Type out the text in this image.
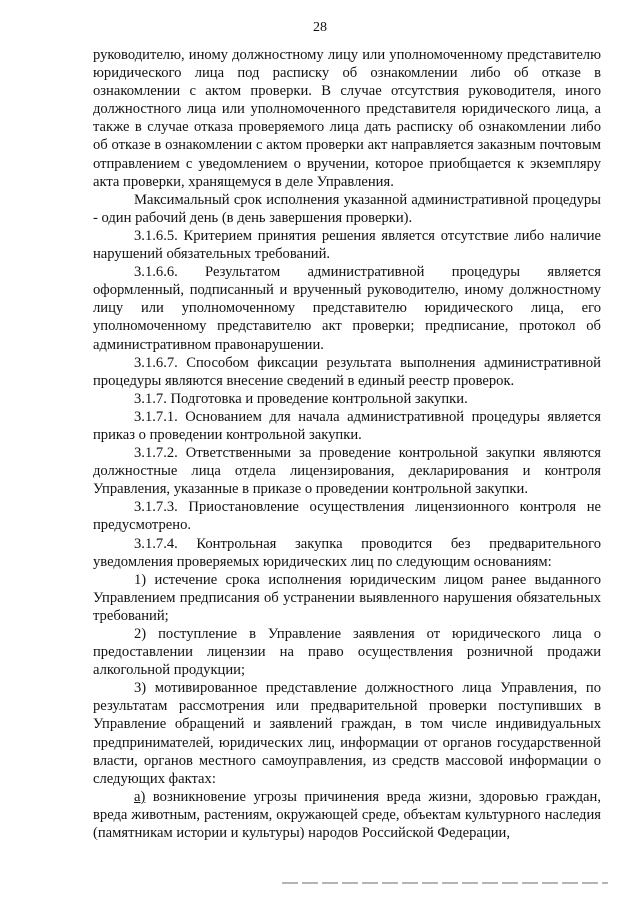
28

руководителю, иному должностному лицу или уполномоченному представителю юридического лица под расписку об ознакомлении либо об отказе в ознакомлении с актом проверки. В случае отсутствия руководителя, иного должностного лица или уполномоченного представителя юридического лица, а также в случае отказа проверяемого лица дать расписку об ознакомлении либо об отказе в ознакомлении с актом проверки акт направляется заказным почтовым отправлением с уведомлением о вручении, которое приобщается к экземпляру акта проверки, хранящемуся в деле Управления.

Максимальный срок исполнения указанной административной процедуры - один рабочий день (в день завершения проверки).

3.1.6.5. Критерием принятия решения является отсутствие либо наличие нарушений обязательных требований.

3.1.6.6. Результатом административной процедуры является оформленный, подписанный и врученный руководителю, иному должностному лицу или уполномоченному представителю юридического лица, его уполномоченному представителю акт проверки; предписание, протокол об административном правонарушении.

3.1.6.7. Способом фиксации результата выполнения административной процедуры являются внесение сведений в единый реестр проверок.

3.1.7. Подготовка и проведение контрольной закупки.

3.1.7.1. Основанием для начала административной процедуры является приказ о проведении контрольной закупки.

3.1.7.2. Ответственными за проведение контрольной закупки являются должностные лица отдела лицензирования, декларирования и контроля Управления, указанные в приказе о проведении контрольной закупки.

3.1.7.3. Приостановление осуществления лицензионного контроля не предусмотрено.

3.1.7.4. Контрольная закупка проводится без предварительного уведомления проверяемых юридических лиц по следующим основаниям:

1) истечение срока исполнения юридическим лицом ранее выданного Управлением предписания об устранении выявленного нарушения обязательных требований;

2) поступление в Управление заявления от юридического лица о предоставлении лицензии на право осуществления розничной продажи алкогольной продукции;

3) мотивированное представление должностного лица Управления, по результатам рассмотрения или предварительной проверки поступивших в Управление обращений и заявлений граждан, в том числе индивидуальных предпринимателей, юридических лиц, информации от органов государственной власти, органов местного самоуправления, из средств массовой информации о следующих фактах:

а) возникновение угрозы причинения вреда жизни, здоровью граждан, вреда животным, растениям, окружающей среде, объектам культурного наследия (памятникам истории и культуры) народов Российской Федерации,
